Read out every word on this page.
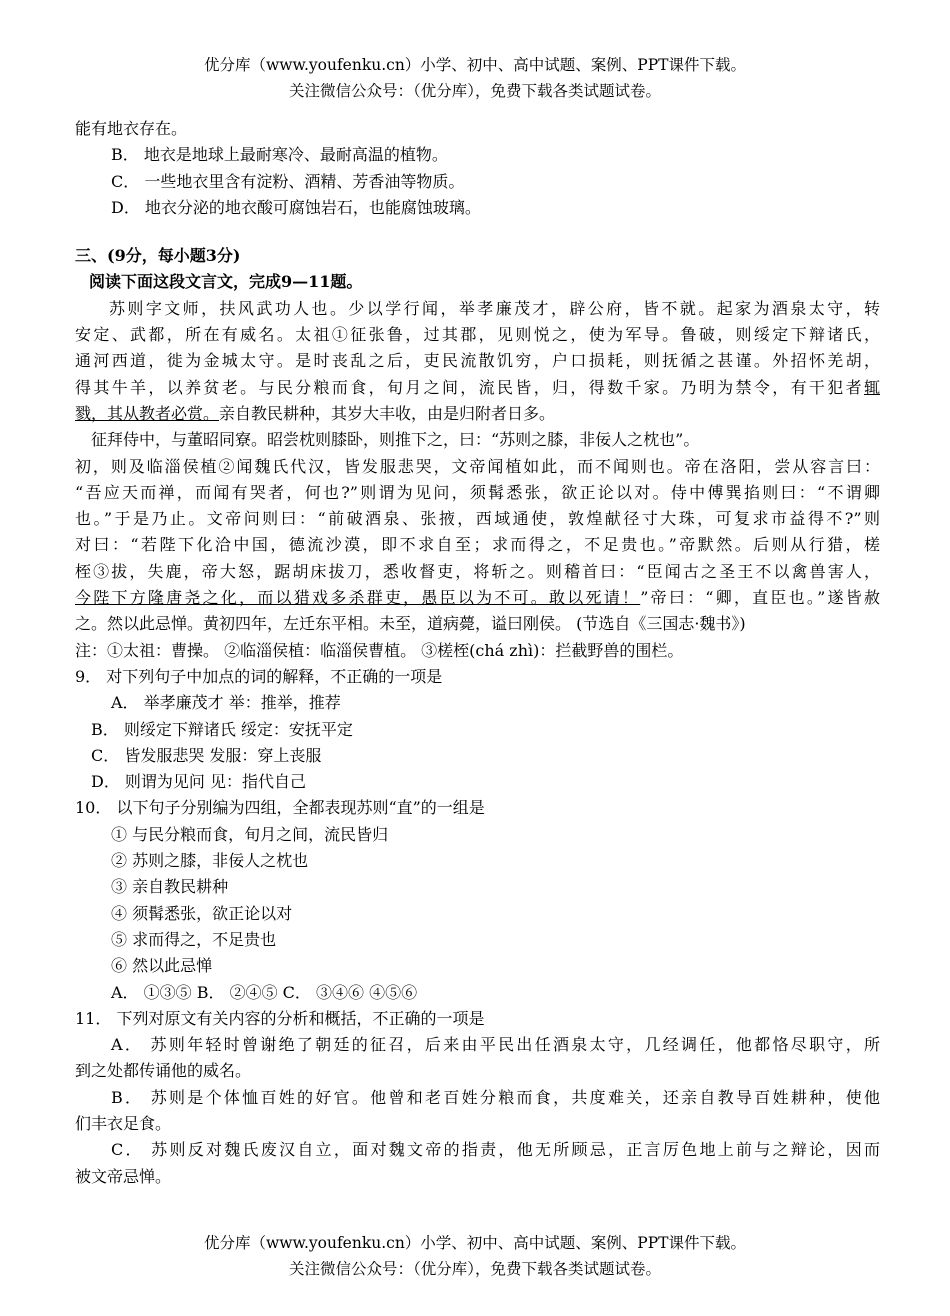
优分库（www.youfenku.cn）小学、初中、高中试题、案例、PPT课件下载。
关注微信公众号：（优分库），免费下载各类试题试卷。
能有地衣存在。
B． 地衣是地球上最耐寒冷、最耐高温的植物。
C． 一些地衣里含有淀粉、酒精、芳香油等物质。
D． 地衣分泌的地衣酸可腐蚀岩石，也能腐蚀玻璃。
三、(9分，每小题3分)
阅读下面这段文言文，完成9—11题。
苏则字文师，扶风武功人也。少以学行闻，举孝廉茂才，辟公府，皆不就。起家为酒泉太守，转
安定、武都，所在有威名。太祖①征张鲁，过其郡，见则悦之，使为军导。鲁破，则绥定下辩诸氏，
通河西道，徙为金城太守。是时丧乱之后，吏民流散饥穷，户口损耗，则抚循之甚谨。外招怀羌胡，
得其牛羊，以养贫老。与民分粮而食，旬月之间，流民皆，归，得数千家。乃明为禁令，有干犯者辄
戮，其从教者必赏。亲自教民耕种，其岁大丰收，由是归附者日多。
征拜侍中，与董昭同寮。昭尝枕则膝卧，则推下之，曰：“苏则之膝，非佞人之枕也”。
初，则及临淄侯植②闻魏氏代汉，皆发服悲哭，文帝闻植如此，而不闻则也。帝在洛阳，尝从容言曰：
“吾应天而禅，而闻有哭者，何也?”则谓为见问，须髯悉张，欲正论以对。侍中傅巽掐则曰：“不谓卿
也。”于是乃止。文帝问则曰：“前破酒泉、张掖，西域通使，敦煌献径寸大珠，可复求市益得不?”则
对曰：“若陛下化洽中国，德流沙漠，即不求自至；求而得之，不足贵也。”帝默然。后则从行猎，槎
桎③拔，失鹿，帝大怒，踞胡床拔刀，悉收督吏，将斩之。则稽首曰：“臣闻古之圣王不以禽兽害人，
今陛下方隆唐尧之化，而以猎戏多杀群吏，愚臣以为不可。敢以死请！”帝曰：“卿，直臣也。”遂皆赦
之。然以此忌惮。黄初四年，左迁东平相。未至，道病薨，谥曰刚侯。 (节选自《三国志·魏书》)
注：①太祖：曹操。 ②临淄侯植：临淄侯曹植。 ③槎桎(chá zhì)：拦截野兽的围栏。
9． 对下列句子中加点的词的解释，不正确的一项是
A． 举孝廉茂才 举：推举，推荐
B． 则绥定下辩诸氏 绥定：安抚平定
C． 皆发服悲哭 发服：穿上丧服
D． 则谓为见问 见：指代自己
10． 以下句子分别编为四组，全都表现苏则“直”的一组是
① 与民分粮而食，旬月之间，流民皆归
② 苏则之膝，非佞人之枕也
③ 亲自教民耕种
④ 须髯悉张，欲正论以对
⑤ 求而得之，不足贵也
⑥ 然以此忌惮
A． ①③⑤ B． ②④⑤ C． ③④⑥ ④⑤⑥
11． 下列对原文有关内容的分析和概括，不正确的一项是
A． 苏则年轻时曾谢绝了朝廷的征召，后来由平民出任酒泉太守，几经调任，他都恪尽职守，所
到之处都传诵他的威名。
B． 苏则是个体恤百姓的好官。他曾和老百姓分粮而食，共度难关，还亲自教导百姓耕种，使他
们丰衣足食。
C． 苏则反对魏氏废汉自立，面对魏文帝的指责，他无所顾忌，正言厉色地上前与之辩论，因而
被文帝忌惮。
优分库（www.youfenku.cn）小学、初中、高中试题、案例、PPT课件下载。
关注微信公众号：（优分库），免费下载各类试题试卷。
